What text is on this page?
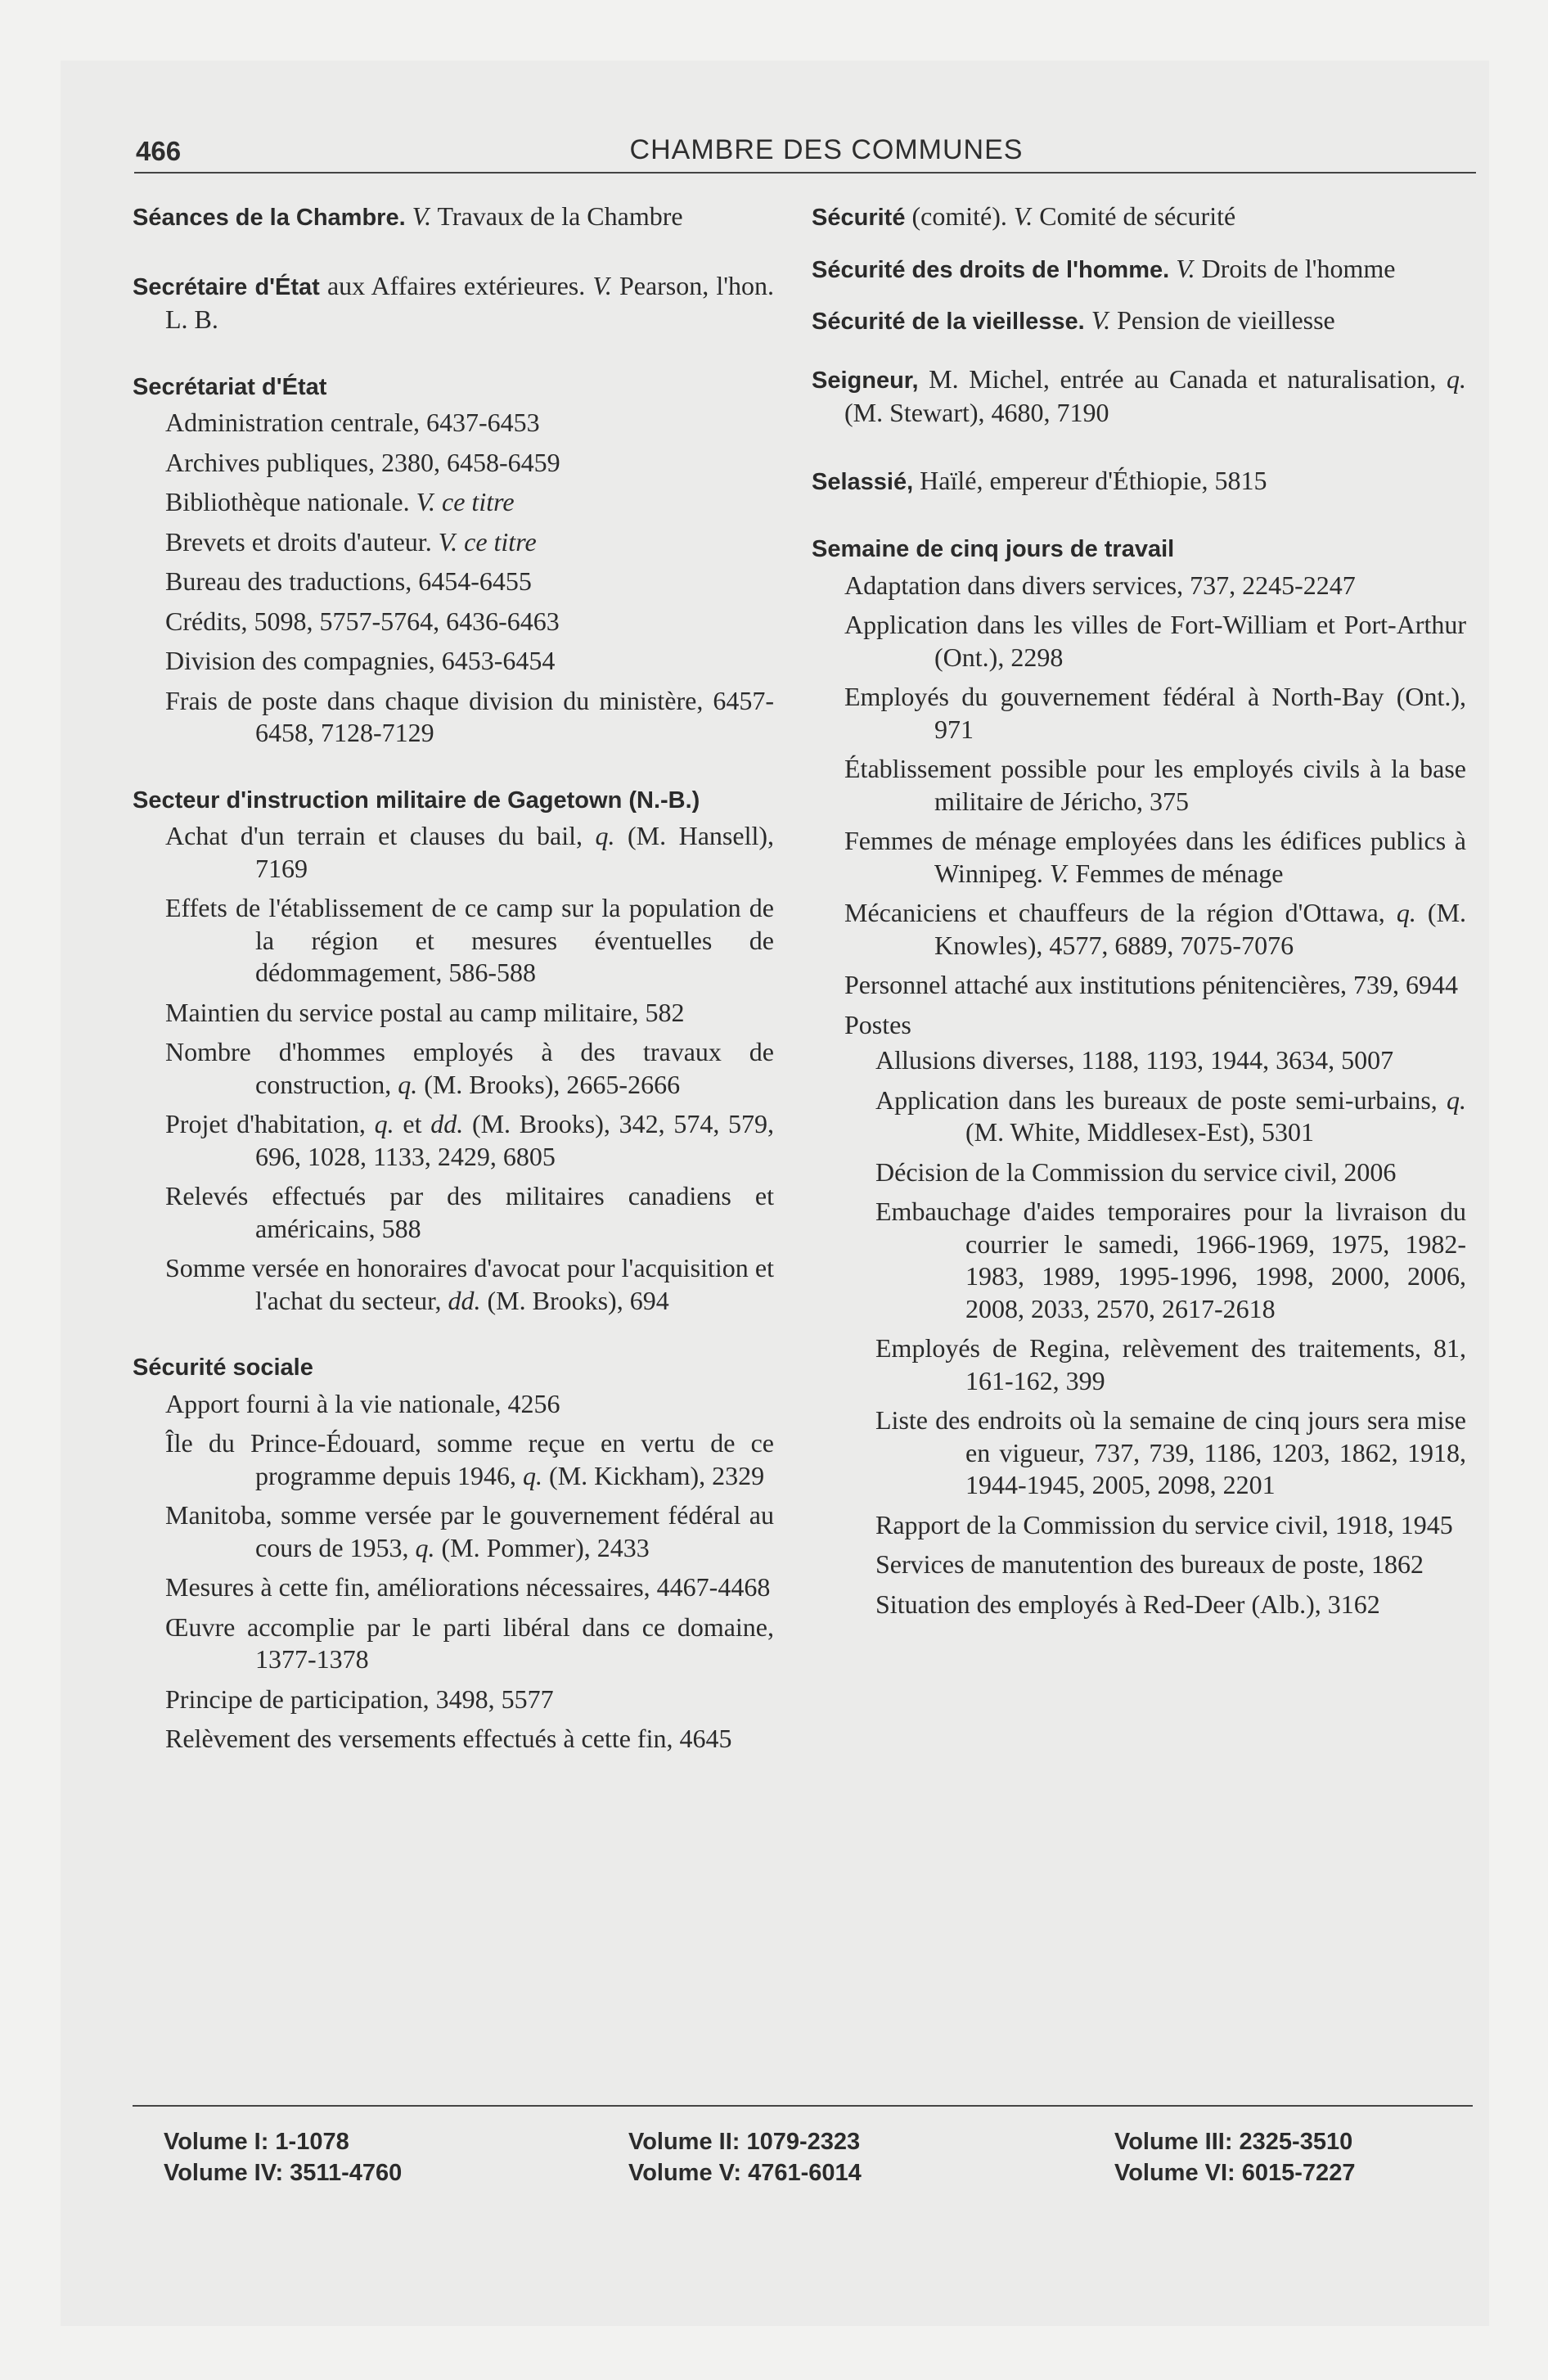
466	CHAMBRE DES COMMUNES
Séances de la Chambre. V. Travaux de la Chambre
Secrétaire d'État aux Affaires extérieures. V. Pearson, l'hon. L. B.
Secrétariat d'État
Administration centrale, 6437-6453
Archives publiques, 2380, 6458-6459
Bibliothèque nationale. V. ce titre
Brevets et droits d'auteur. V. ce titre
Bureau des traductions, 6454-6455
Crédits, 5098, 5757-5764, 6436-6463
Division des compagnies, 6453-6454
Frais de poste dans chaque division du ministère, 6457-6458, 7128-7129
Secteur d'instruction militaire de Gagetown (N.-B.)
Achat d'un terrain et clauses du bail, q. (M. Hansell), 7169
Effets de l'établissement de ce camp sur la population de la région et mesures éventuelles de dédommagement, 586-588
Maintien du service postal au camp militaire, 582
Nombre d'hommes employés à des travaux de construction, q. (M. Brooks), 2665-2666
Projet d'habitation, q. et dd. (M. Brooks), 342, 574, 579, 696, 1028, 1133, 2429, 6805
Relevés effectués par des militaires canadiens et américains, 588
Somme versée en honoraires d'avocat pour l'acquisition et l'achat du secteur, dd. (M. Brooks), 694
Sécurité sociale
Apport fourni à la vie nationale, 4256
Île du Prince-Édouard, somme reçue en vertu de ce programme depuis 1946, q. (M. Kickham), 2329
Manitoba, somme versée par le gouvernement fédéral au cours de 1953, q. (M. Pommer), 2433
Mesures à cette fin, améliorations nécessaires, 4467-4468
Œuvre accomplie par le parti libéral dans ce domaine, 1377-1378
Principe de participation, 3498, 5577
Relèvement des versements effectués à cette fin, 4645
Sécurité (comité). V. Comité de sécurité
Sécurité des droits de l'homme. V. Droits de l'homme
Sécurité de la vieillesse. V. Pension de vieillesse
Seigneur, M. Michel, entrée au Canada et naturalisation, q. (M. Stewart), 4680, 7190
Selassié, Haïlé, empereur d'Éthiopie, 5815
Semaine de cinq jours de travail
Adaptation dans divers services, 737, 2245-2247
Application dans les villes de Fort-William et Port-Arthur (Ont.), 2298
Employés du gouvernement fédéral à North-Bay (Ont.), 971
Établissement possible pour les employés civils à la base militaire de Jéricho, 375
Femmes de ménage employées dans les édifices publics à Winnipeg. V. Femmes de ménage
Mécaniciens et chauffeurs de la région d'Ottawa, q. (M. Knowles), 4577, 6889, 7075-7076
Personnel attaché aux institutions pénitencières, 739, 6944
Postes
Allusions diverses, 1188, 1193, 1944, 3634, 5007
Application dans les bureaux de poste semi-urbains, q. (M. White, Middlesex-Est), 5301
Décision de la Commission du service civil, 2006
Embauchage d'aides temporaires pour la livraison du courrier le samedi, 1966-1969, 1975, 1982-1983, 1989, 1995-1996, 1998, 2000, 2006, 2008, 2033, 2570, 2617-2618
Employés de Regina, relèvement des traitements, 81, 161-162, 399
Liste des endroits où la semaine de cinq jours sera mise en vigueur, 737, 739, 1186, 1203, 1862, 1918, 1944-1945, 2005, 2098, 2201
Rapport de la Commission du service civil, 1918, 1945
Services de manutention des bureaux de poste, 1862
Situation des employés à Red-Deer (Alb.), 3162
Volume I: 1-1078
Volume IV: 3511-4760
Volume II: 1079-2323
Volume V: 4761-6014
Volume III: 2325-3510
Volume VI: 6015-7227
